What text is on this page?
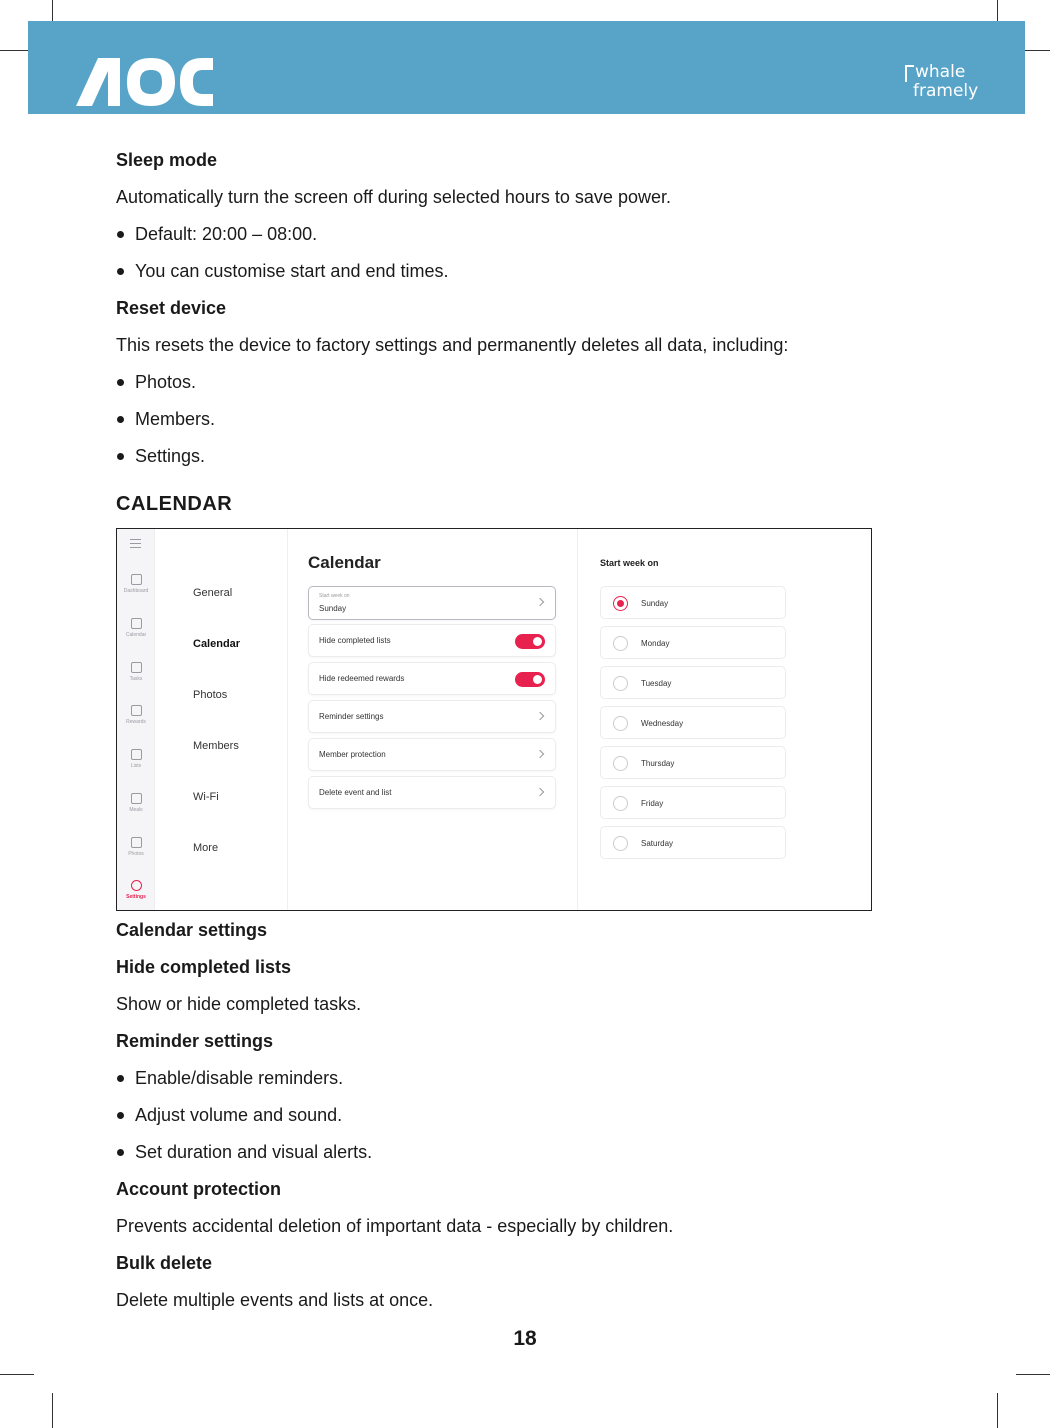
whale
framely
Sleep mode
Automatically turn the screen off during selected hours to save power.
Default: 20:00 – 08:00.
You can customise start and end times.
Reset device
This resets the device to factory settings and permanently deletes all data, including:
Photos.
Members.
Settings.
CALENDAR
Dashboard
Calendar
Tasks
Rewards
Lists
Meals
Photos
Settings
General
Calendar
Photos
Members
Wi-Fi
More
Calendar
Start week on
Sunday
Hide completed lists
Hide redeemed rewards
Reminder settings
Member protection
Delete event and list
Start week on
Sunday
Monday
Tuesday
Wednesday
Thursday
Friday
Saturday
Calendar settings
Hide completed lists
Show or hide completed tasks.
Reminder settings
Enable/disable reminders.
Adjust volume and sound.
Set duration and visual alerts.
Account protection
Prevents accidental deletion of important data - especially by children.
Bulk delete
Delete multiple events and lists at once.
18
